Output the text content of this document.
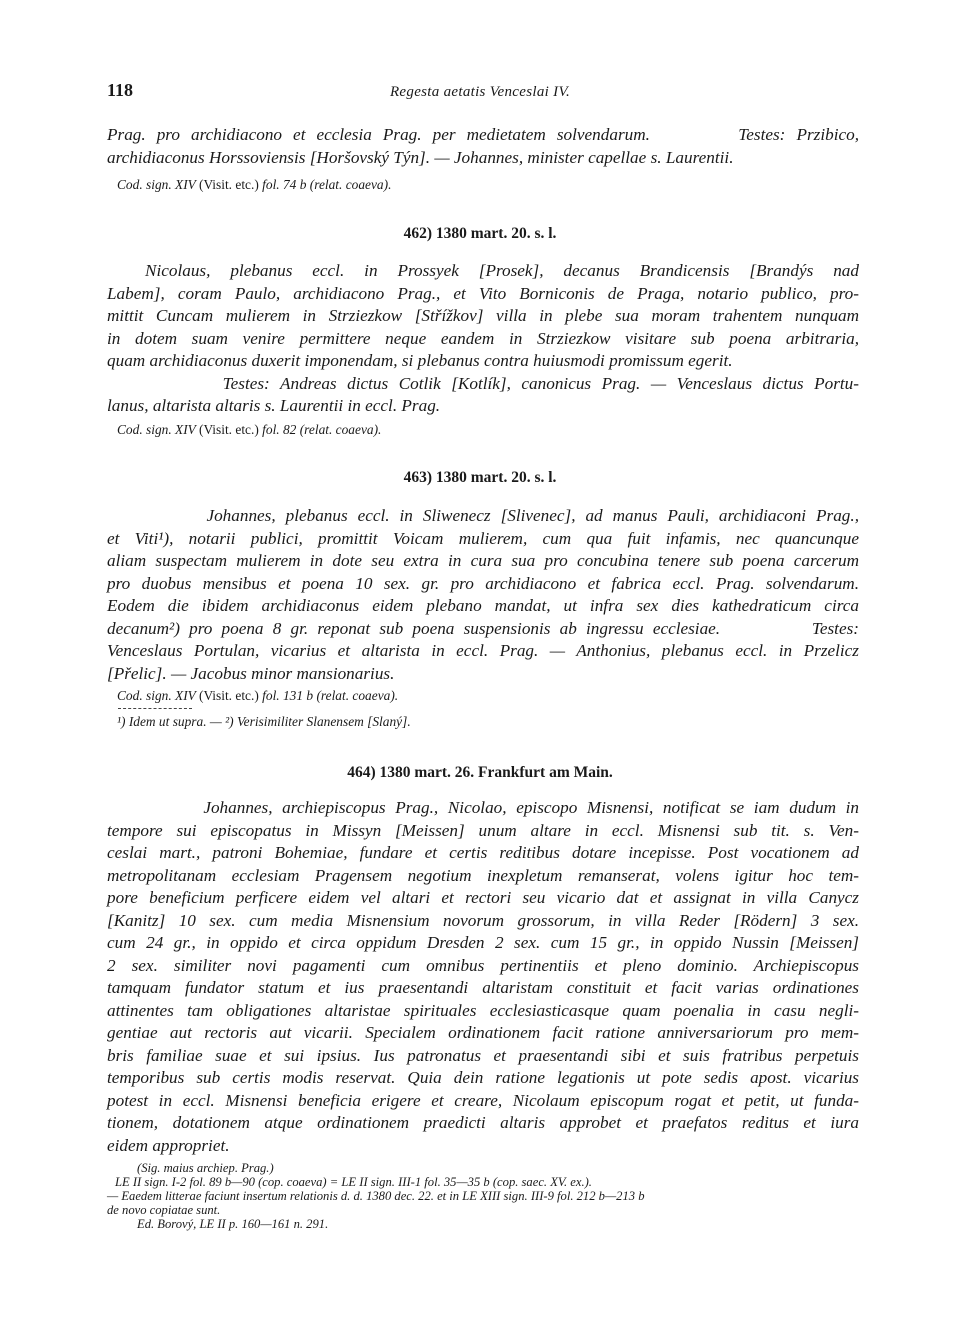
118	Regesta aetatis Venceslai IV.
Prag. pro archidiacono et ecclesia Prag. per medietatem solvendarum.        Testes: Przibico,
archidiaconus Horssoviensis [Horšovský Týn]. — Johannes, minister capellae s. Laurentii.
Cod. sign. XIV (Visit. etc.) fol. 74 b (relat. coaeva).
462) 1380 mart. 20. s. l.
Nicolaus, plebanus eccl. in Prossyek [Prosek], decanus Brandicensis [Brandýs nad
Labem], coram Paulo, archidiacono Prag., et Vito Borniconis de Praga, notario publico, pro-
mittit Cuncam mulierem in Strziezkow [Střížkov] villa in plebe sua moram trahentem nunquam
in dotem suam venire permittere neque eandem in Strziezkow visitare sub poena arbitraria,
quam archidiaconus duxerit imponendam, si plebanus contra huiusmodi promissum egerit.
Testes: Andreas dictus Cotlik [Kotlík], canonicus Prag. — Venceslaus dictus Portu-
lanus, altarista altaris s. Laurentii in eccl. Prag.
Cod. sign. XIV (Visit. etc.) fol. 82 (relat. coaeva).
463) 1380 mart. 20. s. l.
Johannes, plebanus eccl. in Sliwenecz [Slivenec], ad manus Pauli, archidiaconi Prag.,
et Viti¹), notarii publici, promittit Voicam mulierem, cum qua fuit infamis, nec quancunque
aliam suspectam mulierem in dote seu extra in cura sua pro concubina tenere sub poena carcerum
pro duobus mensibus et poena 10 sex. gr. pro archidiacono et fabrica eccl. Prag. solvendarum.
Eodem die ibidem archidiaconus eidem plebano mandat, ut infra sex dies kathedraticum circa
decanum²) pro poena 8 gr. reponat sub poena suspensionis ab ingressu ecclesiae.          Testes:
Venceslaus Portulan, vicarius et altarista in eccl. Prag. — Anthonius, plebanus eccl. in Przelicz
[Přelic]. — Jacobus minor mansionarius.
Cod. sign. XIV (Visit. etc.) fol. 131 b (relat. coaeva).
¹) Idem ut supra. — ²) Verisimiliter Slanensem [Slaný].
464) 1380 mart. 26. Frankfurt am Main.
Johannes, archiepiscopus Prag., Nicolao, episcopo Misnensi, notificat se iam dudum in
tempore sui episcopatus in Missyn [Meissen] unum altare in eccl. Misnensi sub tit. s. Ven-
ceslai mart., patroni Bohemiae, fundare et certis reditibus dotare incepisse. Post vocationem ad
metropolitanam ecclesiam Pragensem negotium inexpletum remanserat, volens igitur hoc tem-
pore beneficium perficere eidem vel altari et rectori seu vicario dat et assignat in villa Canycz
[Kanitz] 10 sex. cum media Misnensium novorum grossorum, in villa Reder [Rödern] 3 sex.
cum 24 gr., in oppido et circa oppidum Dresden 2 sex. cum 15 gr., in oppido Nussin [Meissen]
2 sex. similiter novi pagamenti cum omnibus pertinentiis et pleno dominio. Archiepiscopus
tamquam fundator statum et ius praesentandi altaristam constituit et facit varias ordinationes
attinentes tam obligationes altaristae spirituales ecclesiasticasque quam poenalia in casu negli-
gentiae aut rectoris aut vicarii. Specialem ordinationem facit ratione anniversariorum pro mem-
bris familiae suae et sui ipsius. Ius patronatus et praesentandi sibi et suis fratribus perpetuis
temporibus sub certis modis reservat. Quia dein ratione legationis ut pote sedis apost. vicarius
potest in eccl. Misnensi beneficia erigere et creare, Nicolaum episcopum rogat et petit, ut funda-
tionem, dotationem atque ordinationem praedicti altaris approbet et praefatos reditus et iura
eidem appropriet.
(Sig. maius archiep. Prag.)
LE II sign. I-2 fol. 89 b—90 (cop. coaeva) = LE II sign. III-1 fol. 35—35 b (cop. saec. XV. ex.).
— Eaedem litterae faciunt insertum relationis d. d. 1380 dec. 22. et in LE XIII sign. III-9 fol. 212 b—213 b
de novo copiatae sunt.
Ed. Borový, LE II p. 160—161 n. 291.
